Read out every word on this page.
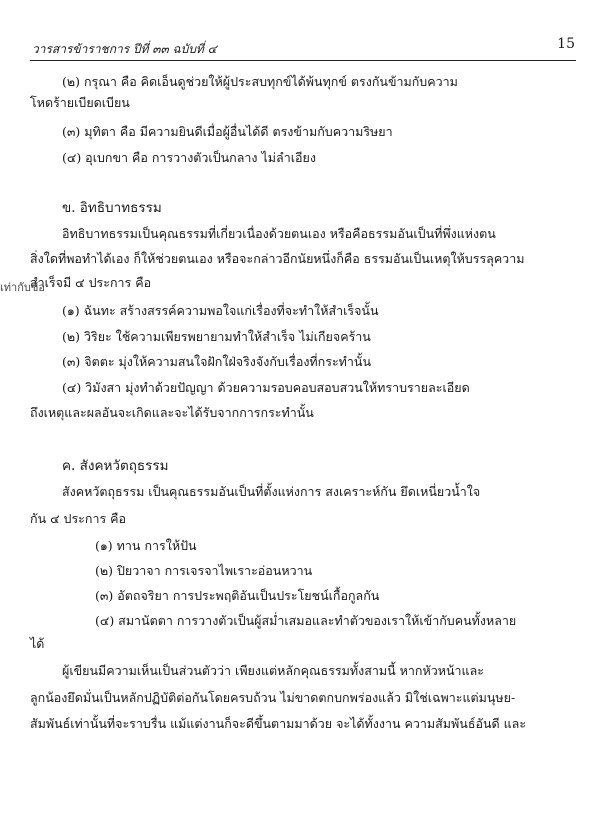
วารสารข้าราชการ ปีที่ ๓๓ ฉบับที่ ๔	15
(๒) กรุณา คือ คิดเอ็นดูช่วยให้ผู้ประสบทุกข์ได้พ้นทุกข์ ตรงกันข้ามกับความ
โหดร้ายเบียดเบียน
(๓) มุทิตา คือ มีความยินดีเมื่อผู้อื่นได้ดี ตรงข้ามกับความริษยา
(๔) อุเบกขา คือ การวางตัวเป็นกลาง ไม่ลำเอียง
ข. อิทธิบาทธรรม
อิทธิบาทธรรมเป็นคุณธรรมที่เกี่ยวเนื่องด้วยตนเอง หรือคือธรรมอันเป็นที่พึ่งแห่งตน
สิ่งใดที่พอทำได้เอง ก็ให้ช่วยตนเอง หรือจะกล่าวอีกนัยหนึ่งก็คือ ธรรมอันเป็นเหตุให้บรรลุความ
สำเร็จมี ๔ ประการ คือ
เท่ากับข้อ
(๑) ฉันทะ สร้างสรรค์ความพอใจแก่เรื่องที่จะทำให้สำเร็จนั้น
(๒) วิริยะ ใช้ความเพียรพยายามทำให้สำเร็จ ไม่เกียจคร้าน
(๓) จิตตะ มุ่งให้ความสนใจฝักใฝ่จริงจังกับเรื่องที่กระทำนั้น
(๔) วิมังสา มุ่งทำด้วยปัญญา ด้วยความรอบคอบสอบสวนให้ทราบรายละเอียด
ถึงเหตุและผลอันจะเกิดและจะได้รับจากการกระทำนั้น
ค. สังคหวัตถุธรรม
สังคหวัตถุธรรม เป็นคุณธรรมอันเป็นที่ตั้งแห่งการ สงเคราะห์กัน ยึดเหนี่ยวน้ำใจ
กัน ๔ ประการ คือ
(๑) ทาน การให้ปัน
(๒) ปิยวาจา การเจรจาไพเราะอ่อนหวาน
(๓) อัตถจริยา การประพฤติอันเป็นประโยชน์เกื้อกูลกัน
(๔) สมานัตตา การวางตัวเป็นผู้สม่ำเสมอและทำตัวของเราให้เข้ากับคนทั้งหลาย
ได้
ผู้เขียนมีความเห็นเป็นส่วนตัวว่า เพียงแต่หลักคุณธรรมทั้งสามนี้ หากหัวหน้าและ
ลูกน้องยึดมั่นเป็นหลักปฏิบัติต่อกันโดยครบถ้วน ไม่ขาดตกบกพร่องแล้ว มิใช่เฉพาะแต่มนุษย-
สัมพันธ์เท่านั้นที่จะราบรื่น แม้แต่งานก็จะดีขึ้นตามมาด้วย จะได้ทั้งงาน ความสัมพันธ์อันดี และ
